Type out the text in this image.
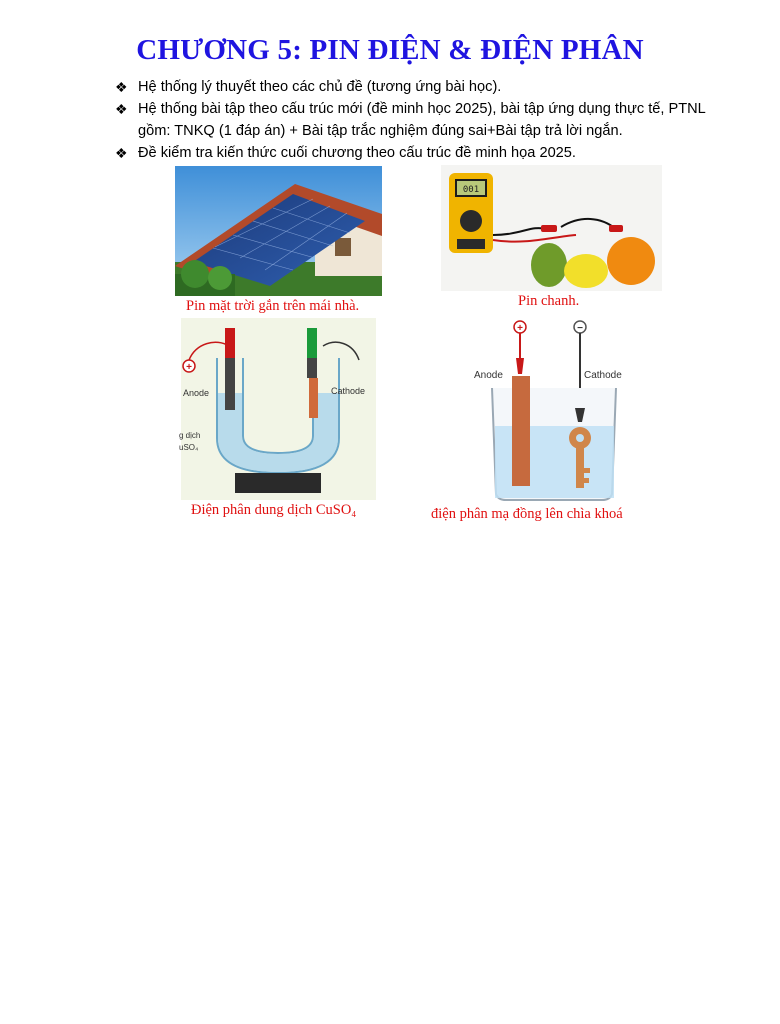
CHƯƠNG 5: PIN ĐIỆN & ĐIỆN PHÂN
❖ Hệ thống lý thuyết theo các chủ đề (tương ứng bài học).
❖ Hệ thống bài tập theo cấu trúc mới (đề minh học 2025), bài tập ứng dụng thực tế, PTNL gồm: TNKQ (1 đáp án) + Bài tập trắc nghiệm đúng sai+Bài tập trả lời ngắn.
❖ Đề kiểm tra kiến thức cuối chương theo cấu trúc đề minh họa 2025.
Pin mặt trời gắn trên mái nhà.
001
Pin chanh.
+
Anode	Cathode
g dịch
uSO₄
Điện phân dung dịch CuSO₄
+	−
Anode	Cathode
điện phân mạ đồng lên chìa khoá
